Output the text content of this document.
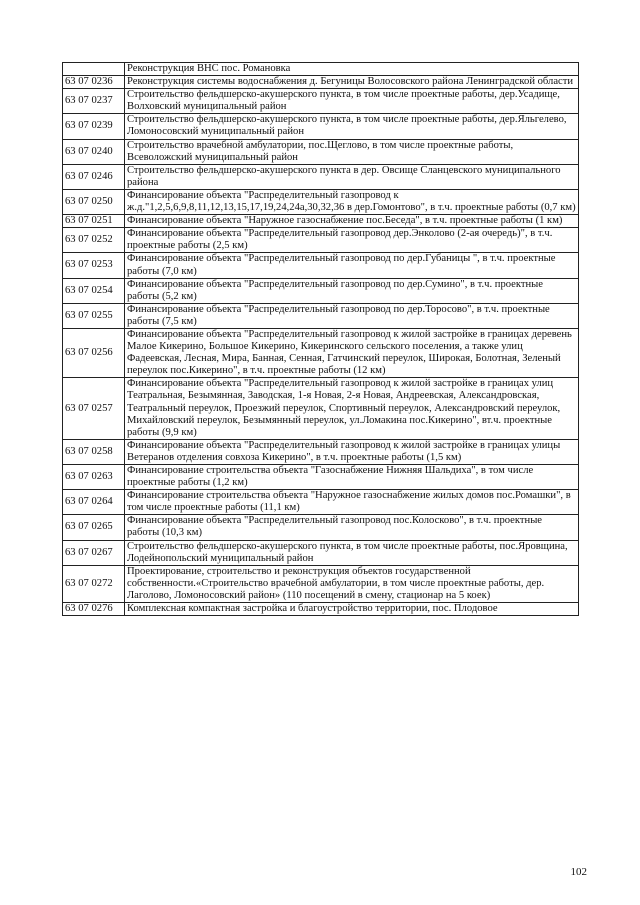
	Реконструкция ВНС пос. Романовка
63 07 0236	Реконструкция системы водоснабжения д. Бегуницы Волосовского района Ленинградской области
63 07 0237	Строительство фельдшерско-акушерского пункта, в том числе проектные работы, дер.Усадище, Волховский муниципальный район
63 07 0239	Строительство фельдшерско-акушерского пункта, в том числе проектные работы, дер.Яльгелево, Ломоносовский муниципальный район
63 07 0240	Строительство врачебной амбулатории, пос.Щеглово, в том числе проектные работы, Всеволожский муниципальный район
63 07 0246	Строительство фельдшерско-акушерского пункта в дер. Овсище Сланцевского муниципального района
63 07 0250	Финансирование объекта "Распределительный газопровод к ж.д."1,2,5,6,9,8,11,12,13,15,17,19,24,24а,30,32,36 в дер.Гомонтово", в т.ч. проектные работы (0,7 км)
63 07 0251	Финансирование объекта "Наружное газоснабжение пос.Беседа", в т.ч. проектные работы (1 км)
63 07 0252	Финансирование объекта "Распределительный газопровод дер.Энколово (2-ая очередь)", в т.ч. проектные работы (2,5 км)
63 07 0253	Финансирование объекта "Распределительный газопровод по дер.Губаницы ", в т.ч. проектные работы (7,0 км)
63 07 0254	Финансирование объекта "Распределительный газопровод по дер.Сумино", в т.ч. проектные работы (5,2 км)
63 07 0255	Финансирование объекта "Распределительный газопровод по дер.Торосово", в т.ч. проектные работы (7,5 км)
63 07 0256	Финансирование объекта "Распределительный газопровод к жилой застройке в границах деревень Малое Кикерино, Большое Кикерино, Кикеринского сельского поселения, а также улиц Фадеевская, Лесная, Мира, Банная, Сенная, Гатчинский переулок, Широкая, Болотная, Зеленый переулок пос.Кикерино", в т.ч. проектные работы (12 км)
63 07 0257	Финансирование объекта "Распределительный газопровод к жилой застройке в границах улиц Театральная, Безымянная, Заводская, 1-я Новая, 2-я Новая, Андреевская, Александровская, Театральный переулок, Проезжий переулок, Спортивный переулок, Александровский переулок, Михайловский переулок, Безымянный переулок, ул.Ломакина пос.Кикерино", вт.ч. проектные работы (9,9 км)
63 07 0258	Финансирование объекта "Распределительный газопровод к жилой застройке в границах улицы Ветеранов отделения совхоза Кикерино", в т.ч. проектные работы (1,5 км)
63 07 0263	Финансирование строительства объекта "Газоснабжение Нижняя Шальдиха", в том числе проектные работы (1,2 км)
63 07 0264	Финансирование строительства объекта "Наружное газоснабжение жилых домов пос.Ромашки", в том числе проектные работы (11,1 км)
63 07 0265	Финансирование объекта "Распределительный газопровод пос.Колосково", в т.ч. проектные работы (10,3 км)
63 07 0267	Строительство фельдшерско-акушерского пункта, в том числе проектные работы, пос.Яровщина, Лодейнопольский муниципальный район
63 07 0272	Проектирование, строительство и реконструкция объектов государственной собственности.«Строительство врачебной амбулатории, в том числе проектные работы, дер. Лаголово, Ломоносовский район» (110 посещений в смену, стационар на 5 коек)
63 07 0276	Комплексная компактная застройка и благоустройство территории, пос. Плодовое
102
